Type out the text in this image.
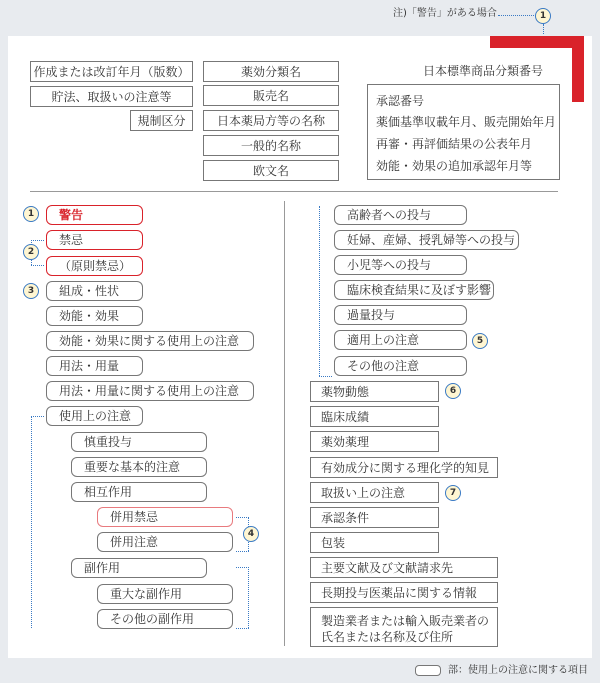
注)「警告」がある場合	1
作成または改訂年月（版数）
貯法、取扱いの注意等
規制区分
薬効分類名
販売名
日本薬局方等の名称
一般的名称
欧文名
日本標準商品分類番号
承認番号
薬価基準収載年月、販売開始年月
再審・再評価結果の公表年月
効能・効果の追加承認年月等
1	警告
2
禁忌
（原則禁忌）
3	組成・性状
効能・効果
効能・効果に関する使用上の注意
用法・用量
用法・用量に関する使用上の注意
使用上の注意
慎重投与
重要な基本的注意
相互作用
4
併用禁忌
併用注意
副作用
重大な副作用
その他の副作用
高齢者への投与
妊婦、産婦、授乳婦等への投与
小児等への投与
臨床検査結果に及ぼす影響
過量投与
適用上の注意	5
その他の注意
薬物動態	6
臨床成績
薬効薬理
有効成分に関する理化学的知見
取扱い上の注意	7
承認条件
包装
主要文献及び文献請求先
長期投与医薬品に関する情報
製造業者または輸入販売業者の
氏名または名称及び住所
部：使用上の注意に関する項目
